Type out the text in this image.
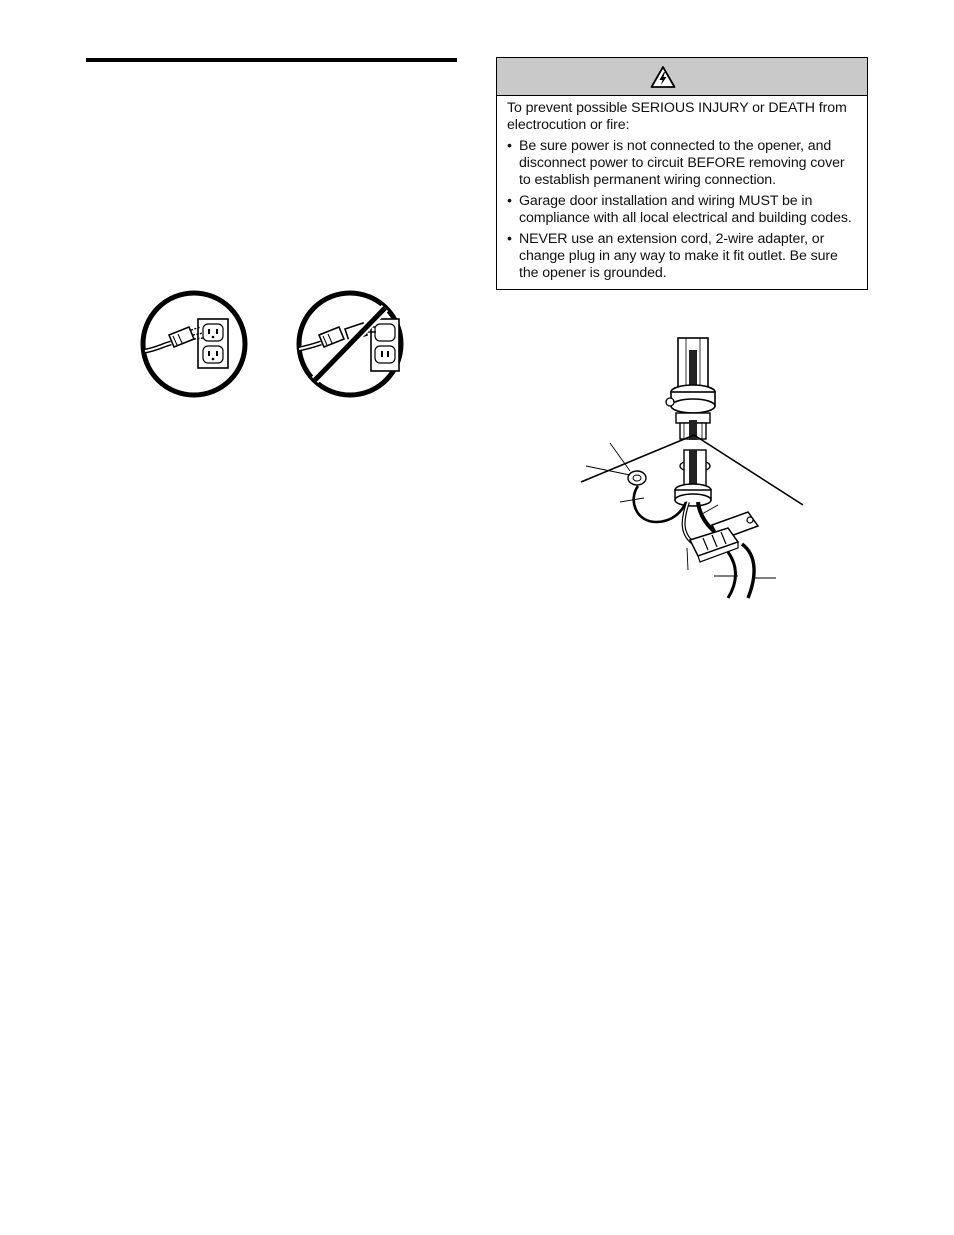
To prevent possible SERIOUS INJURY or DEATH from electrocution or fire:

• Be sure power is not connected to the opener, and disconnect power to circuit BEFORE removing cover to establish permanent wiring connection.
• Garage door installation and wiring MUST be in compliance with all local electrical and building codes.
• NEVER use an extension cord, 2-wire adapter, or change plug in any way to make it fit outlet. Be sure the opener is grounded.
